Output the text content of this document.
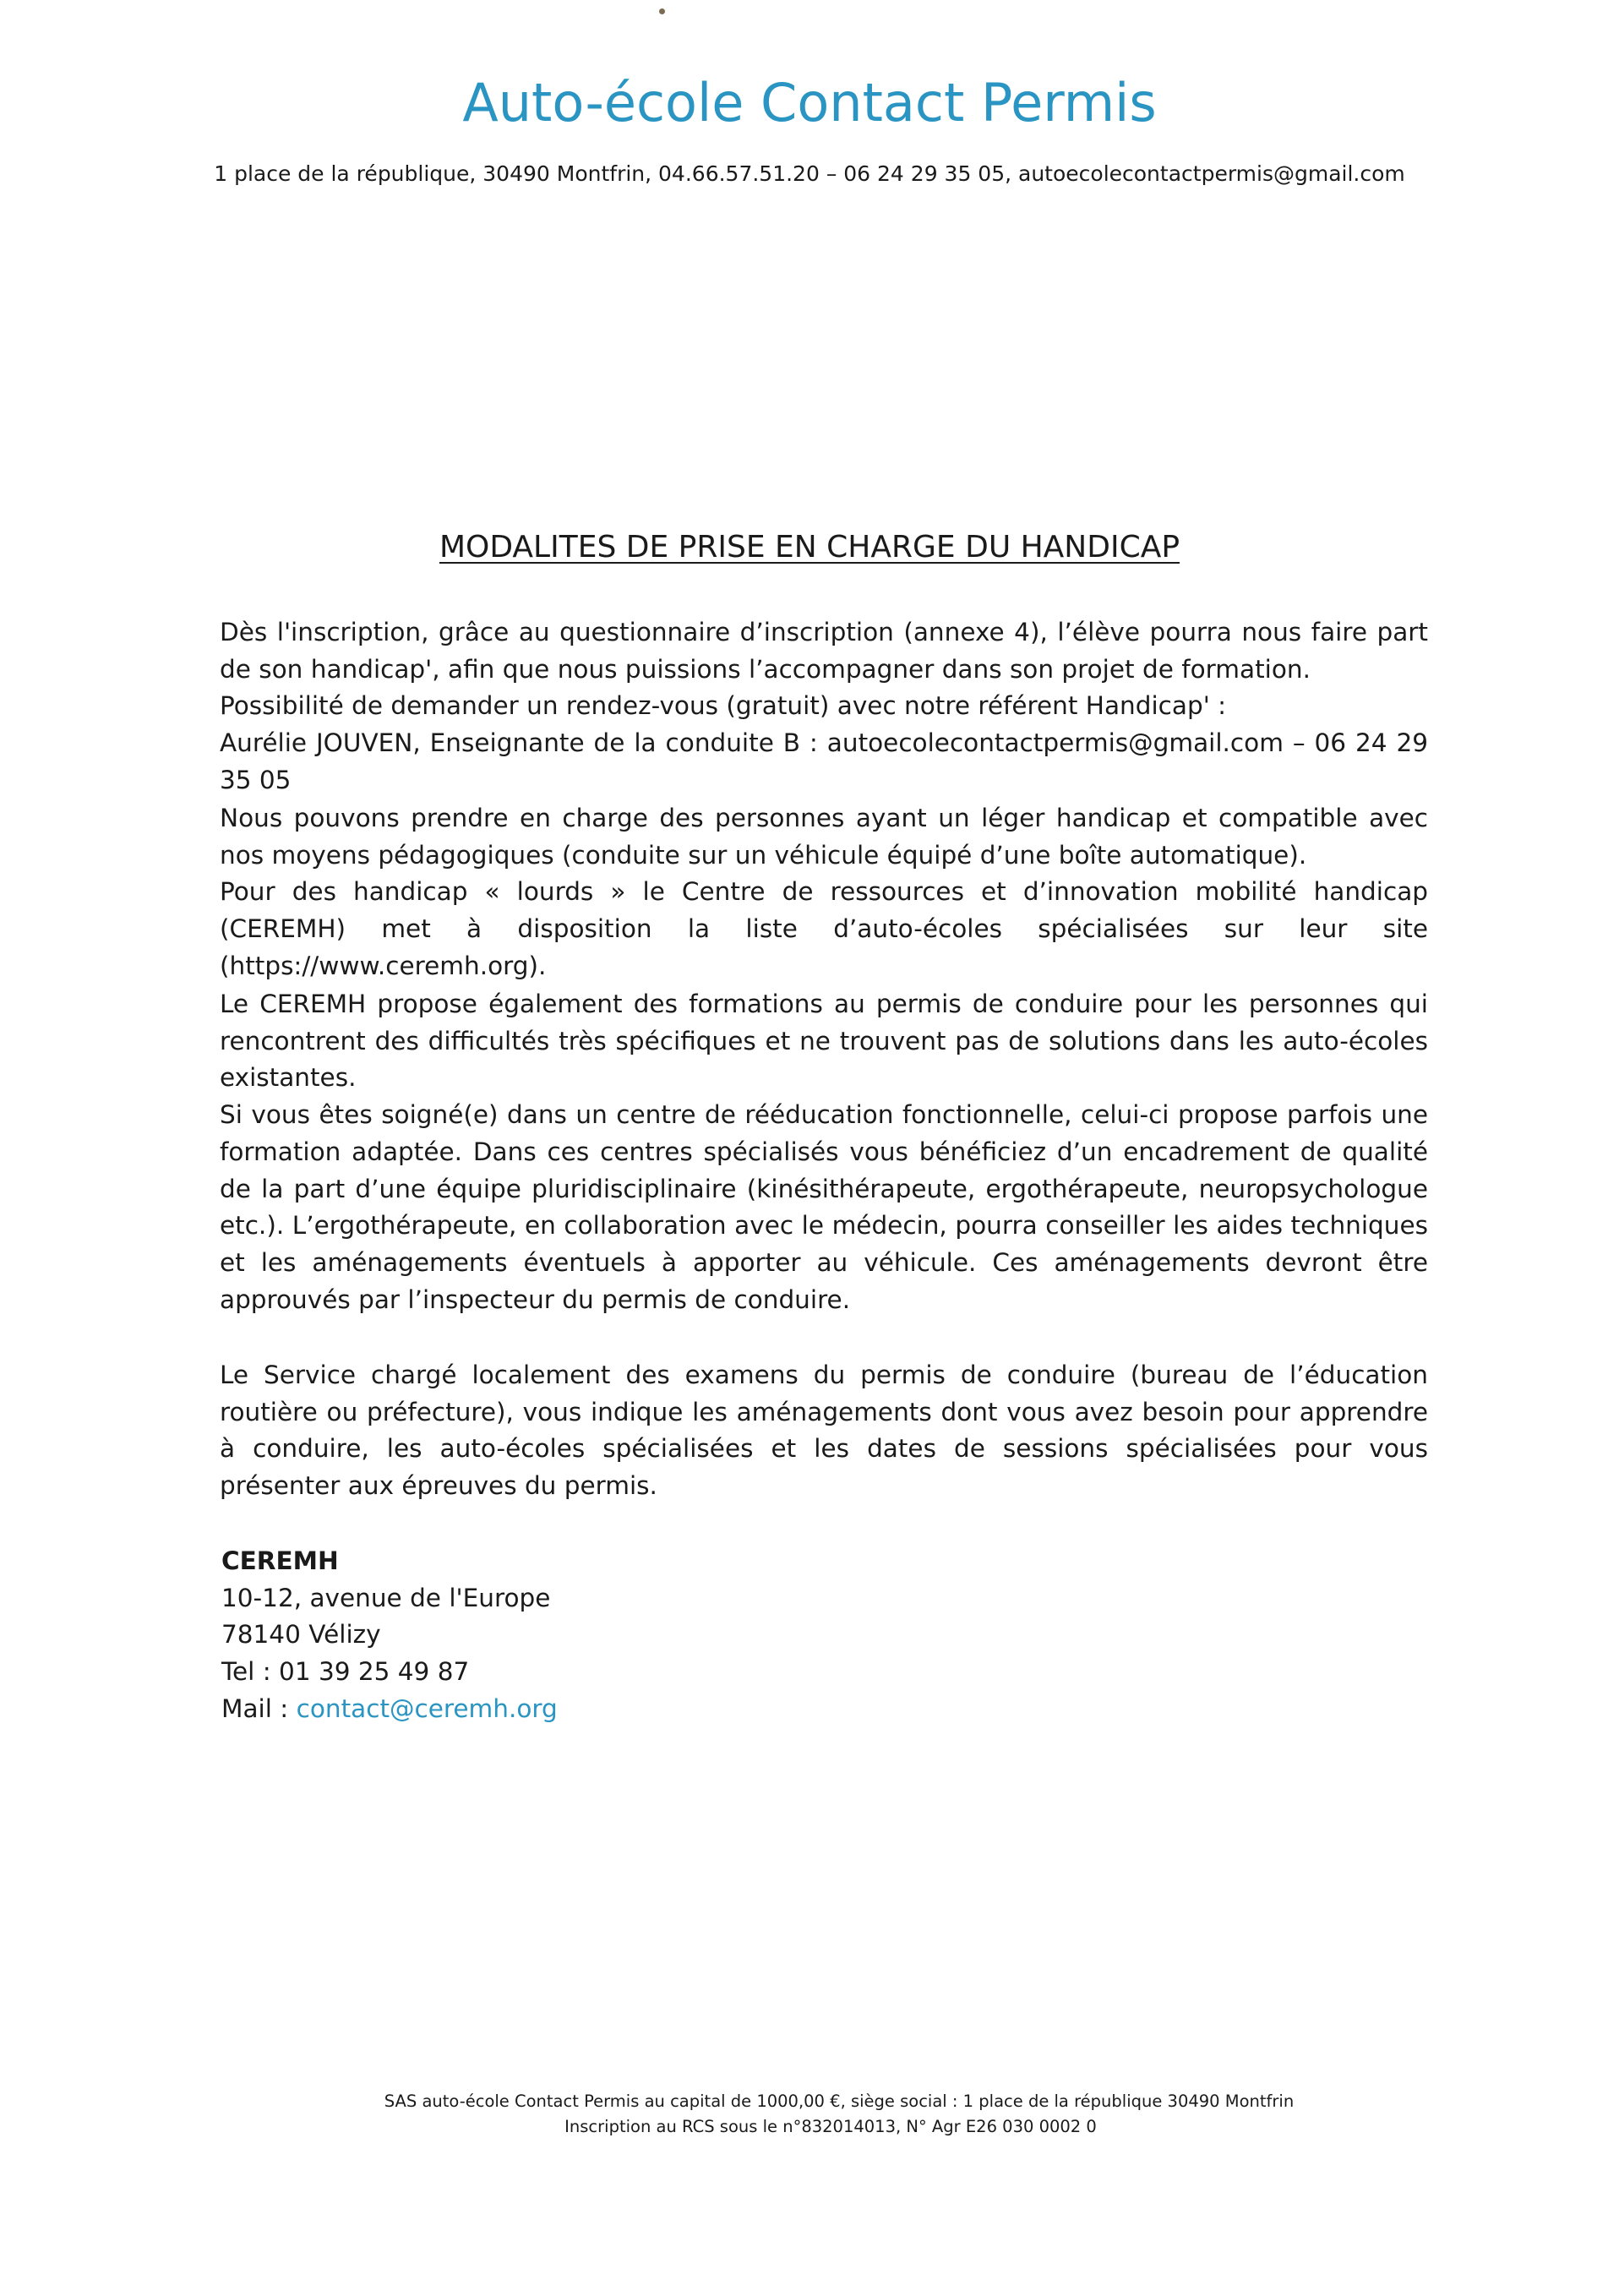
Auto-école Contact Permis
1 place de la république, 30490 Montfrin, 04.66.57.51.20 – 06 24 29 35 05, autoecolecontactpermis@gmail.com
MODALITES DE PRISE EN CHARGE DU HANDICAP
Dès l'inscription, grâce au questionnaire d’inscription (annexe 4), l’élève pourra nous faire part de son handicap', afin que nous puissions l’accompagner dans son projet de formation.
Possibilité de demander un rendez-vous (gratuit) avec notre référent Handicap' :
Aurélie JOUVEN, Enseignante de la conduite B : autoecolecontactpermis@gmail.com – 06 24 29 35 05
Nous pouvons prendre en charge des personnes ayant un léger handicap et compatible avec nos moyens pédagogiques (conduite sur un véhicule équipé d’une boîte automatique).
Pour des handicap « lourds » le Centre de ressources et d’innovation mobilité handicap (CEREMH) met à disposition la liste d’auto-écoles spécialisées sur leur site (https://www.ceremh.org).
Le CEREMH propose également des formations au permis de conduire pour les personnes qui rencontrent des difficultés très spécifiques et ne trouvent pas de solutions dans les auto-écoles existantes.
Si vous êtes soigné(e) dans un centre de rééducation fonctionnelle, celui-ci propose parfois une formation adaptée. Dans ces centres spécialisés vous bénéficiez d’un encadrement de qualité de la part d’une équipe pluridisciplinaire (kinésithérapeute, ergothérapeute, neuropsychologue etc.). L’ergothérapeute, en collaboration avec le médecin, pourra conseiller les aides techniques et les aménagements éventuels à apporter au véhicule. Ces aménagements devront être approuvés par l’inspecteur du permis de conduire.
Le Service chargé localement des examens du permis de conduire (bureau de l’éducation routière ou préfecture), vous indique les aménagements dont vous avez besoin pour apprendre à conduire, les auto-écoles spécialisées et les dates de sessions spécialisées pour vous présenter aux épreuves du permis.
CEREMH
10-12, avenue de l'Europe
78140 Vélizy
Tel : 01 39 25 49 87
Mail : contact@ceremh.org
SAS auto-école Contact Permis au capital de 1000,00 €, siège social : 1 place de la république 30490 Montfrin
Inscription au RCS sous le n°832014013, N° Agr E26 030 0002 0
